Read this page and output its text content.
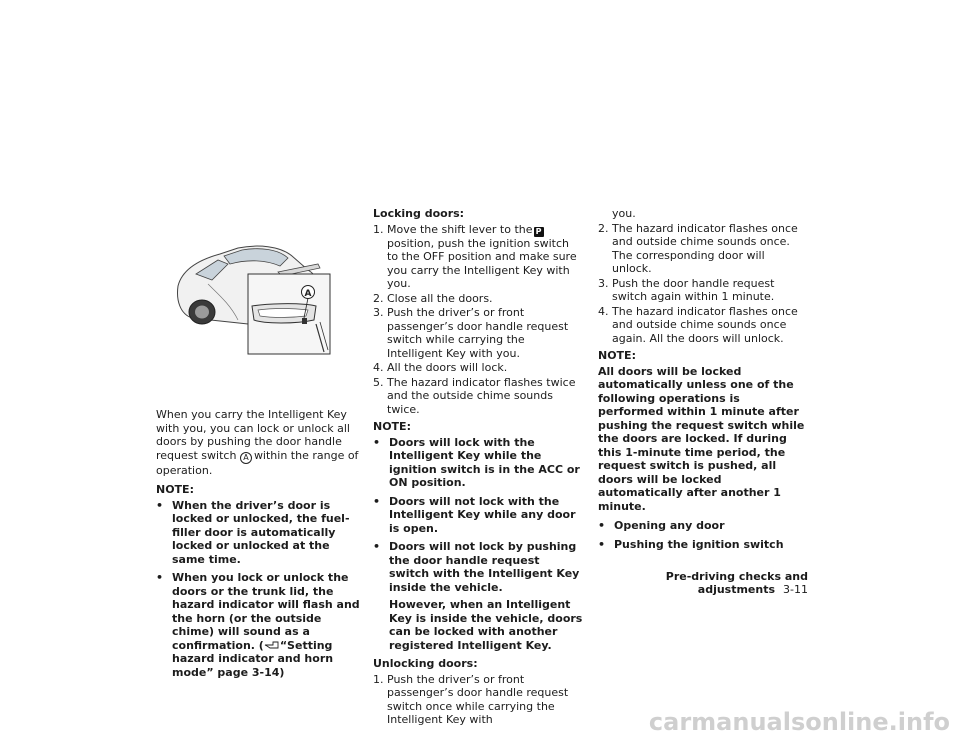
A

When you carry the Intelligent Key with you, you can lock or unlock all doors by pushing the door handle request switch A within the range of operation.

NOTE:
• When the driver’s door is locked or unlocked, the fuel-filler door is automatically locked or unlocked at the same time.
• When you lock or unlock the doors or the trunk lid, the hazard indicator will flash and the horn (or the outside chime) will sound as a confirmation. ( “Setting hazard indicator and horn mode” page 3-14)
Locking doors:
1. Move the shift lever to the Pposition, push the ignition switch to the OFF position and make sure you carry the Intelligent Key with you.
2. Close all the doors.
3. Push the driver’s or front passenger’s door handle request switch while carrying the Intelligent Key with you.
4. All the doors will lock.
5. The hazard indicator flashes twice and the outside chime sounds twice.
NOTE:
• Doors will lock with the Intelligent Key while the ignition switch is in the ACC or ON position.
• Doors will not lock with the Intelligent Key while any door is open.
• Doors will not lock by pushing the door handle request switch with the Intelligent Key inside the vehicle.
However, when an Intelligent Key is inside the vehicle, doors can be locked with another registered Intelligent Key.
Unlocking doors:
1. Push the driver’s or front passenger’s door handle request switch once while carrying the Intelligent Key with
you.
2. The hazard indicator flashes once and outside chime sounds once. The corresponding door will unlock.
3. Push the door handle request switch again within 1 minute.
4. The hazard indicator flashes once and outside chime sounds once again. All the doors will unlock.
NOTE:

All doors will be locked automatically unless one of the following operations is performed within 1 minute after pushing the request switch while the doors are locked. If during this 1-minute time period, the request switch is pushed, all doors will be locked automatically after another 1 minute.

• Opening any door
• Pushing the ignition switch
Pre-driving checks and adjustments 3-11
carmanualsonline.info
